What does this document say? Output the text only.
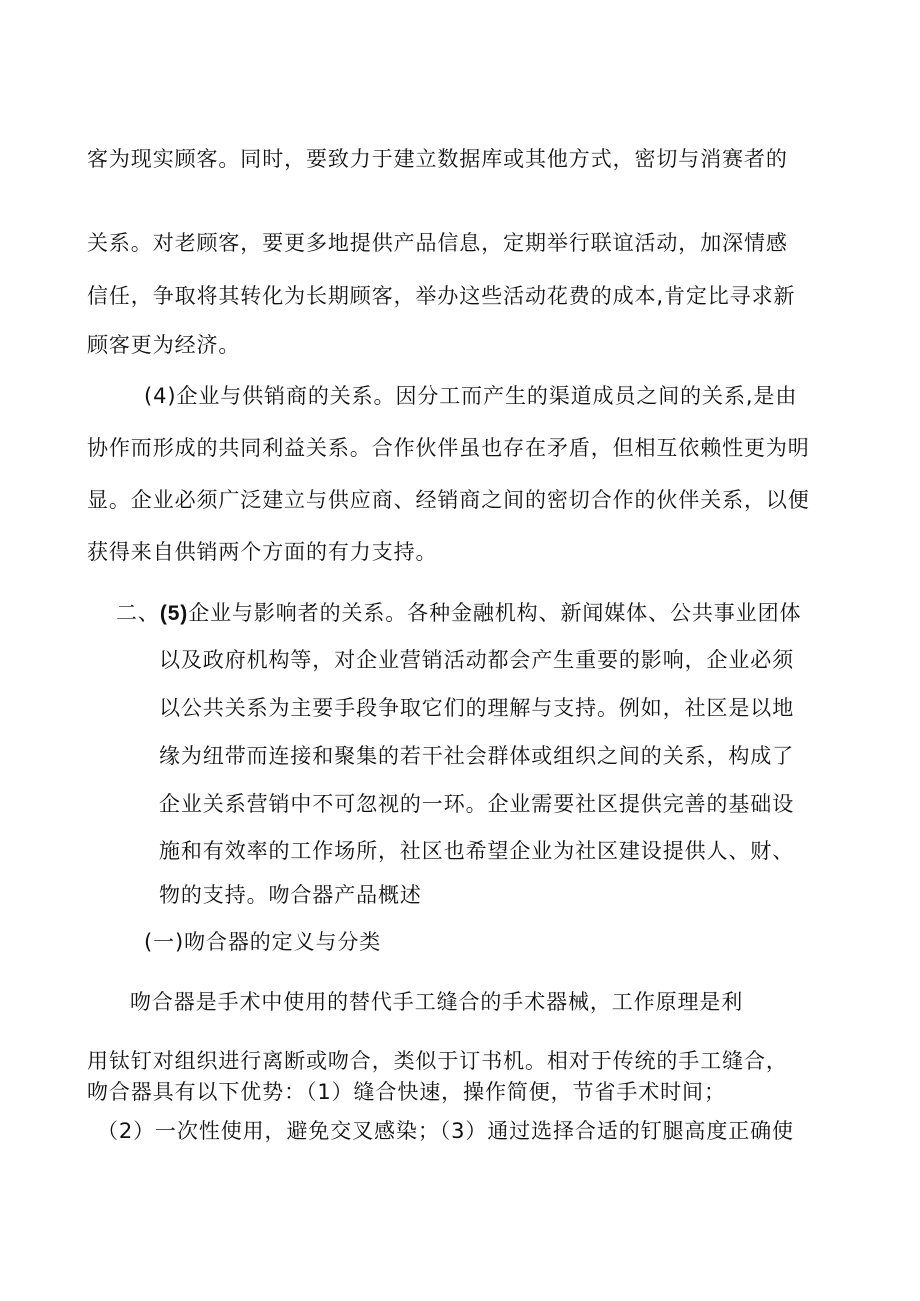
客为现实顾客。同时，要致力于建立数据库或其他方式，密切与消赛者的
关系。对老顾客，要更多地提供产品信息，定期举行联谊活动，加深情感
信任，争取将其转化为长期顾客，举办这些活动花费的成本,肯定比寻求新
顾客更为经济。
(4)企业与供销商的关系。因分工而产生的渠道成员之间的关系,是由
协作而形成的共同利益关系。合作伙伴虽也存在矛盾，但相互依赖性更为明
显。企业必须广泛建立与供应商、经销商之间的密切合作的伙伴关系，以便
获得来自供销两个方面的有力支持。
二、(5)企业与影响者的关系。各种金融机构、新闻媒体、公共事业团体
以及政府机构等，对企业营销活动都会产生重要的影响，企业必须
以公共关系为主要手段争取它们的理解与支持。例如，社区是以地
缘为纽带而连接和聚集的若干社会群体或组织之间的关系，构成了
企业关系营销中不可忽视的一环。企业需要社区提供完善的基础设
施和有效率的工作场所，社区也希望企业为社区建设提供人、财、
物的支持。吻合器产品概述
(一)吻合器的定义与分类
吻合器是手术中使用的替代手工缝合的手术器械，工作原理是利
用钛钉对组织进行离断或吻合，类似于订书机。相对于传统的手工缝合，
吻合器具有以下优势：（1）缝合快速，操作简便，节省手术时间；
（2）一次性使用，避免交叉感染；（3）通过选择合适的钉腿高度正确使
